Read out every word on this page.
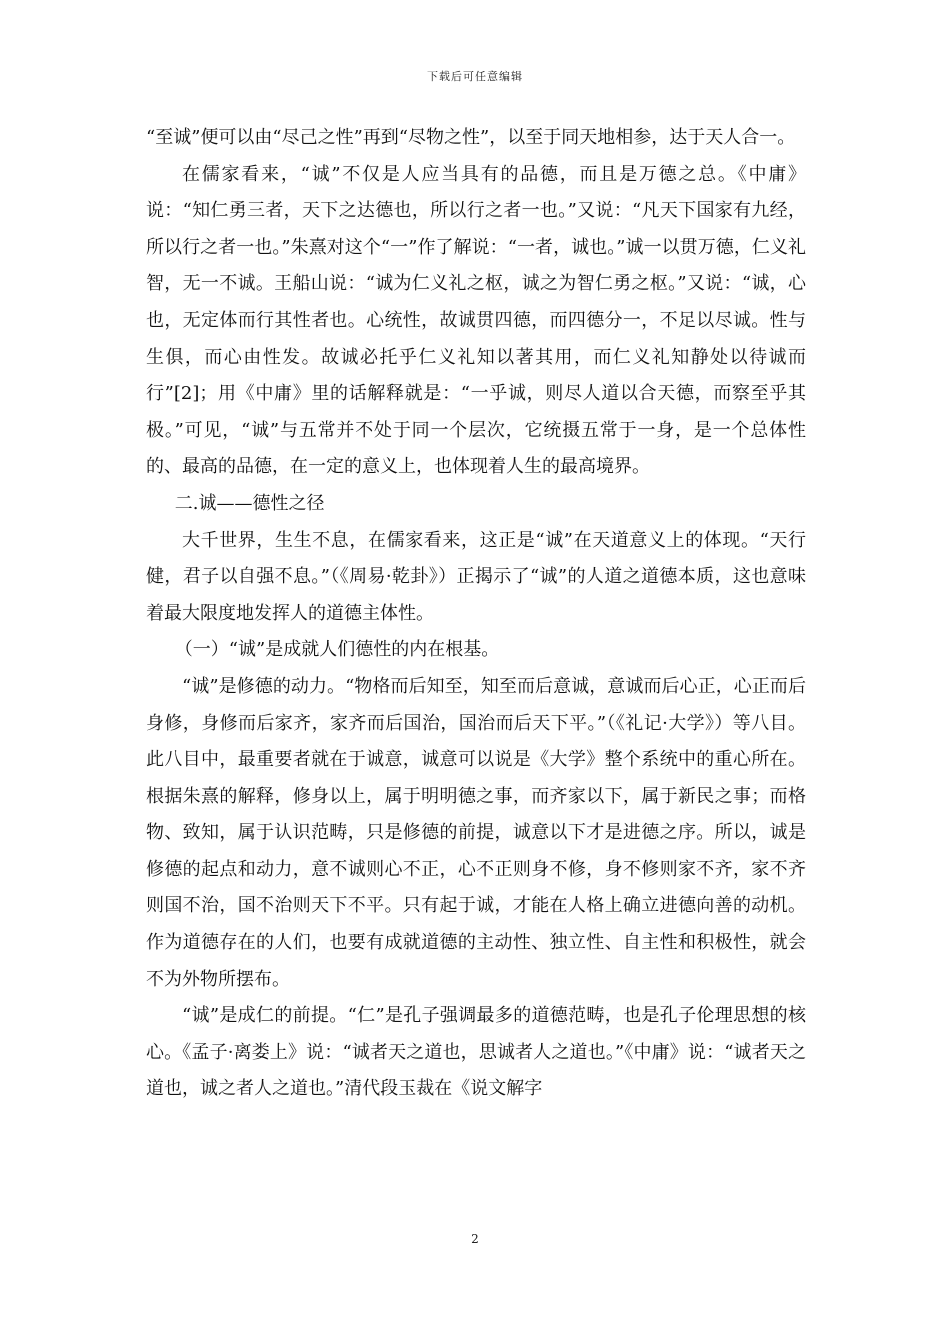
下载后可任意编辑

“至诚”便可以由“尽己之性”再到“尽物之性”，以至于同天地相参，达于天人合一。

在儒家看来，“诚”不仅是人应当具有的品德，而且是万德之总。《中庸》说：“知仁勇三者，天下之达德也，所以行之者一也。”又说：“凡天下国家有九经，所以行之者一也。”朱熹对这个“一”作了解说：“一者，诚也。”诚一以贯万德，仁义礼智，无一不诚。王船山说：“诚为仁义礼之枢，诚之为智仁勇之枢。”又说：“诚，心也，无定体而行其性者也。心统性，故诚贯四德，而四德分一，不足以尽诚。性与生俱，而心由性发。故诚必托乎仁义礼知以著其用，而仁义礼知静处以待诚而行”[2]；用《中庸》里的话解释就是：“一乎诚，则尽人道以合天德，而察至乎其极。”可见，“诚”与五常并不处于同一个层次，它统摄五常于一身，是一个总体性的、最高的品德，在一定的意义上，也体现着人生的最高境界。

二.诚——德性之径

大千世界，生生不息，在儒家看来，这正是“诚”在天道意义上的体现。“天行健，君子以自强不息。”（《周易·乾卦》）正揭示了“诚”的人道之道德本质，这也意味着最大限度地发挥人的道德主体性。

（一）“诚”是成就人们德性的内在根基。

“诚”是修德的动力。“物格而后知至，知至而后意诚，意诚而后心正，心正而后身修，身修而后家齐，家齐而后国治，国治而后天下平。”（《礼记·大学》）等八目。此八目中，最重要者就在于诚意，诚意可以说是《大学》整个系统中的重心所在。根据朱熹的解释，修身以上，属于明明德之事，而齐家以下，属于新民之事；而格物、致知，属于认识范畴，只是修德的前提，诚意以下才是进德之序。所以，诚是修德的起点和动力，意不诚则心不正，心不正则身不修，身不修则家不齐，家不齐则国不治，国不治则天下不平。只有起于诚，才能在人格上确立进德向善的动机。作为道德存在的人们，也要有成就道德的主动性、独立性、自主性和积极性，就会不为外物所摆布。

“诚”是成仁的前提。“仁”是孔子强调最多的道德范畴，也是孔子伦理思想的核心。《孟子·离娄上》说：“诚者天之道也，思诚者人之道也。”《中庸》说：“诚者天之道也，诚之者人之道也。”清代段玉裁在《说文解字

2
